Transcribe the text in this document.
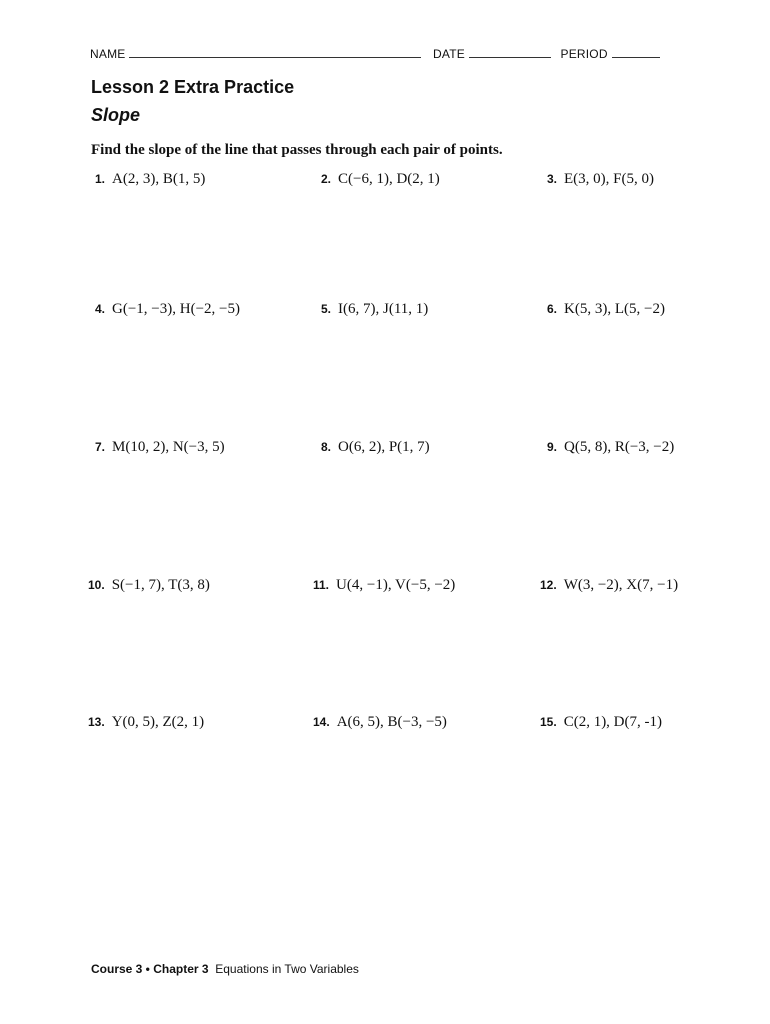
NAME	DATE	PERIOD
Lesson 2 Extra Practice
Slope
Find the slope of the line that passes through each pair of points.
1. A(2, 3), B(1, 5)	2. C(−6, 1), D(2, 1)	3. E(3, 0), F(5, 0)
4. G(−1, −3), H(−2, −5)	5. I(6, 7), J(11, 1)	6. K(5, 3), L(5, −2)
7. M(10, 2), N(−3, 5)	8. O(6, 2), P(1, 7)	9. Q(5, 8), R(−3, −2)
10. S(−1, 7), T(3, 8)	11. U(4, −1), V(−5, −2)	12. W(3, −2), X(7, −1)
13. Y(0, 5), Z(2, 1)	14. A(6, 5), B(−3, −5)	15. C(2, 1), D(7, -1)
Course 3 • Chapter 3 Equations in Two Variables
